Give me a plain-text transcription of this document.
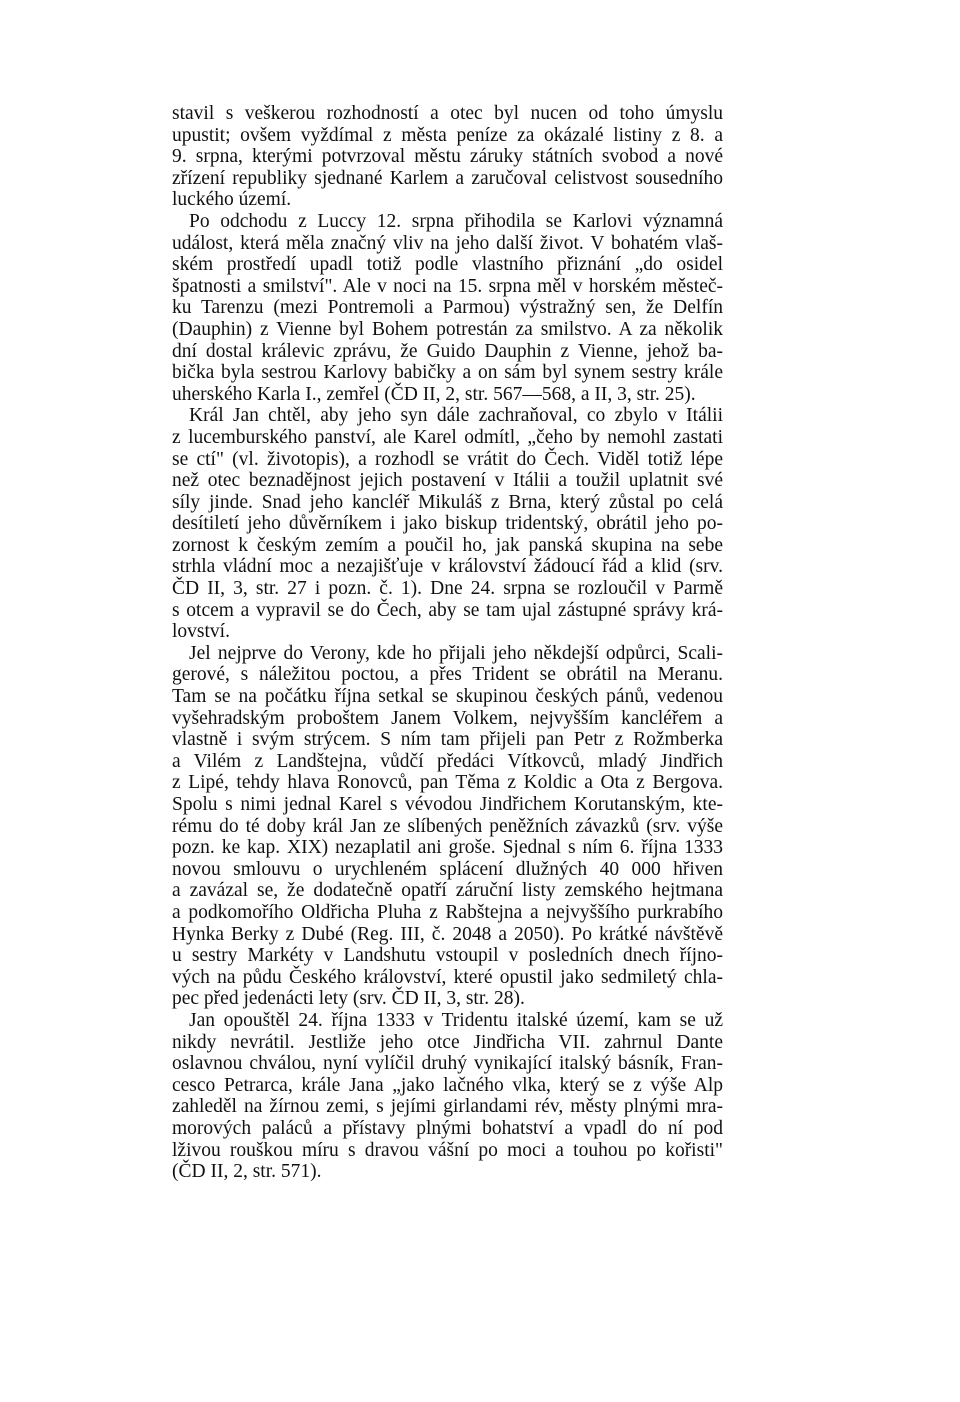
stavil s veškerou rozhodností a otec byl nucen od toho úmyslu
upustit; ovšem vyždímal z města peníze za okázalé listiny z 8. a
9. srpna, kterými potvrzoval městu záruky státních svobod a nové
zřízení republiky sjednané Karlem a zaručoval celistvost sousedního
luckého území.
Po odchodu z Luccy 12. srpna přihodila se Karlovi významná
událost, která měla značný vliv na jeho další život. V bohatém vlaš-
ském prostředí upadl totiž podle vlastního přiznání „do osidel
špatnosti a smilství". Ale v noci na 15. srpna měl v horském městeč-
ku Tarenzu (mezi Pontremoli a Parmou) výstražný sen, že Delfín
(Dauphin) z Vienne byl Bohem potrestán za smilstvo. A za několik
dní dostal králevic zprávu, že Guido Dauphin z Vienne, jehož ba-
bička byla sestrou Karlovy babičky a on sám byl synem sestry krále
uherského Karla I., zemřel (ČD II, 2, str. 567—568, a II, 3, str. 25).
Král Jan chtěl, aby jeho syn dále zachraňoval, co zbylo v Itálii
z lucemburského panství, ale Karel odmítl, „čeho by nemohl zastati
se ctí" (vl. životopis), a rozhodl se vrátit do Čech. Viděl totiž lépe
než otec beznadějnost jejich postavení v Itálii a toužil uplatnit své
síly jinde. Snad jeho kancléř Mikuláš z Brna, který zůstal po celá
desítiletí jeho důvěrníkem i jako biskup tridentský, obrátil jeho po-
zornost k českým zemím a poučil ho, jak panská skupina na sebe
strhla vládní moc a nezajišťuje v království žádoucí řád a klid (srv.
ČD II, 3, str. 27 i pozn. č. 1). Dne 24. srpna se rozloučil v Parmě
s otcem a vypravil se do Čech, aby se tam ujal zástupné správy krá-
lovství.
Jel nejprve do Verony, kde ho přijali jeho někdejší odpůrci, Scali-
gerové, s náležitou poctou, a přes Trident se obrátil na Meranu.
Tam se na počátku října setkal se skupinou českých pánů, vedenou
vyšehradským proboštem Janem Volkem, nejvyšším kancléřem a
vlastně i svým strýcem. S ním tam přijeli pan Petr z Rožmberka
a Vilém z Landštejna, vůdčí předáci Vítkovců, mladý Jindřich
z Lipé, tehdy hlava Ronovců, pan Těma z Koldic a Ota z Bergova.
Spolu s nimi jednal Karel s vévodou Jindřichem Korutanským, kte-
rému do té doby král Jan ze slíbených peněžních závazků (srv. výše
pozn. ke kap. XIX) nezaplatil ani groše. Sjednal s ním 6. října 1333
novou smlouvu o urychleném splácení dlužných 40 000 hřiven
a zavázal se, že dodatečně opatří záruční listy zemského hejtmana
a podkomořího Oldřicha Pluha z Rabštejna a nejvyššího purkrabího
Hynka Berky z Dubé (Reg. III, č. 2048 a 2050). Po krátké návštěvě
u sestry Markéty v Landshutu vstoupil v posledních dnech říjno-
vých na půdu Českého království, které opustil jako sedmiletý chla-
pec před jedenácti lety (srv. ČD II, 3, str. 28).
Jan opouštěl 24. října 1333 v Tridentu italské území, kam se už
nikdy nevrátil. Jestliže jeho otce Jindřicha VII. zahrnul Dante
oslavnou chválou, nyní vylíčil druhý vynikající italský básník, Fran-
cesco Petrarca, krále Jana „jako lačného vlka, který se z výše Alp
zahleděl na žírnou zemi, s jejími girlandami rév, městy plnými mra-
morových paláců a přístavy plnými bohatství a vpadl do ní pod
lživou rouškou míru s dravou vášní po moci a touhou po kořisti"
(ČD II, 2, str. 571).
